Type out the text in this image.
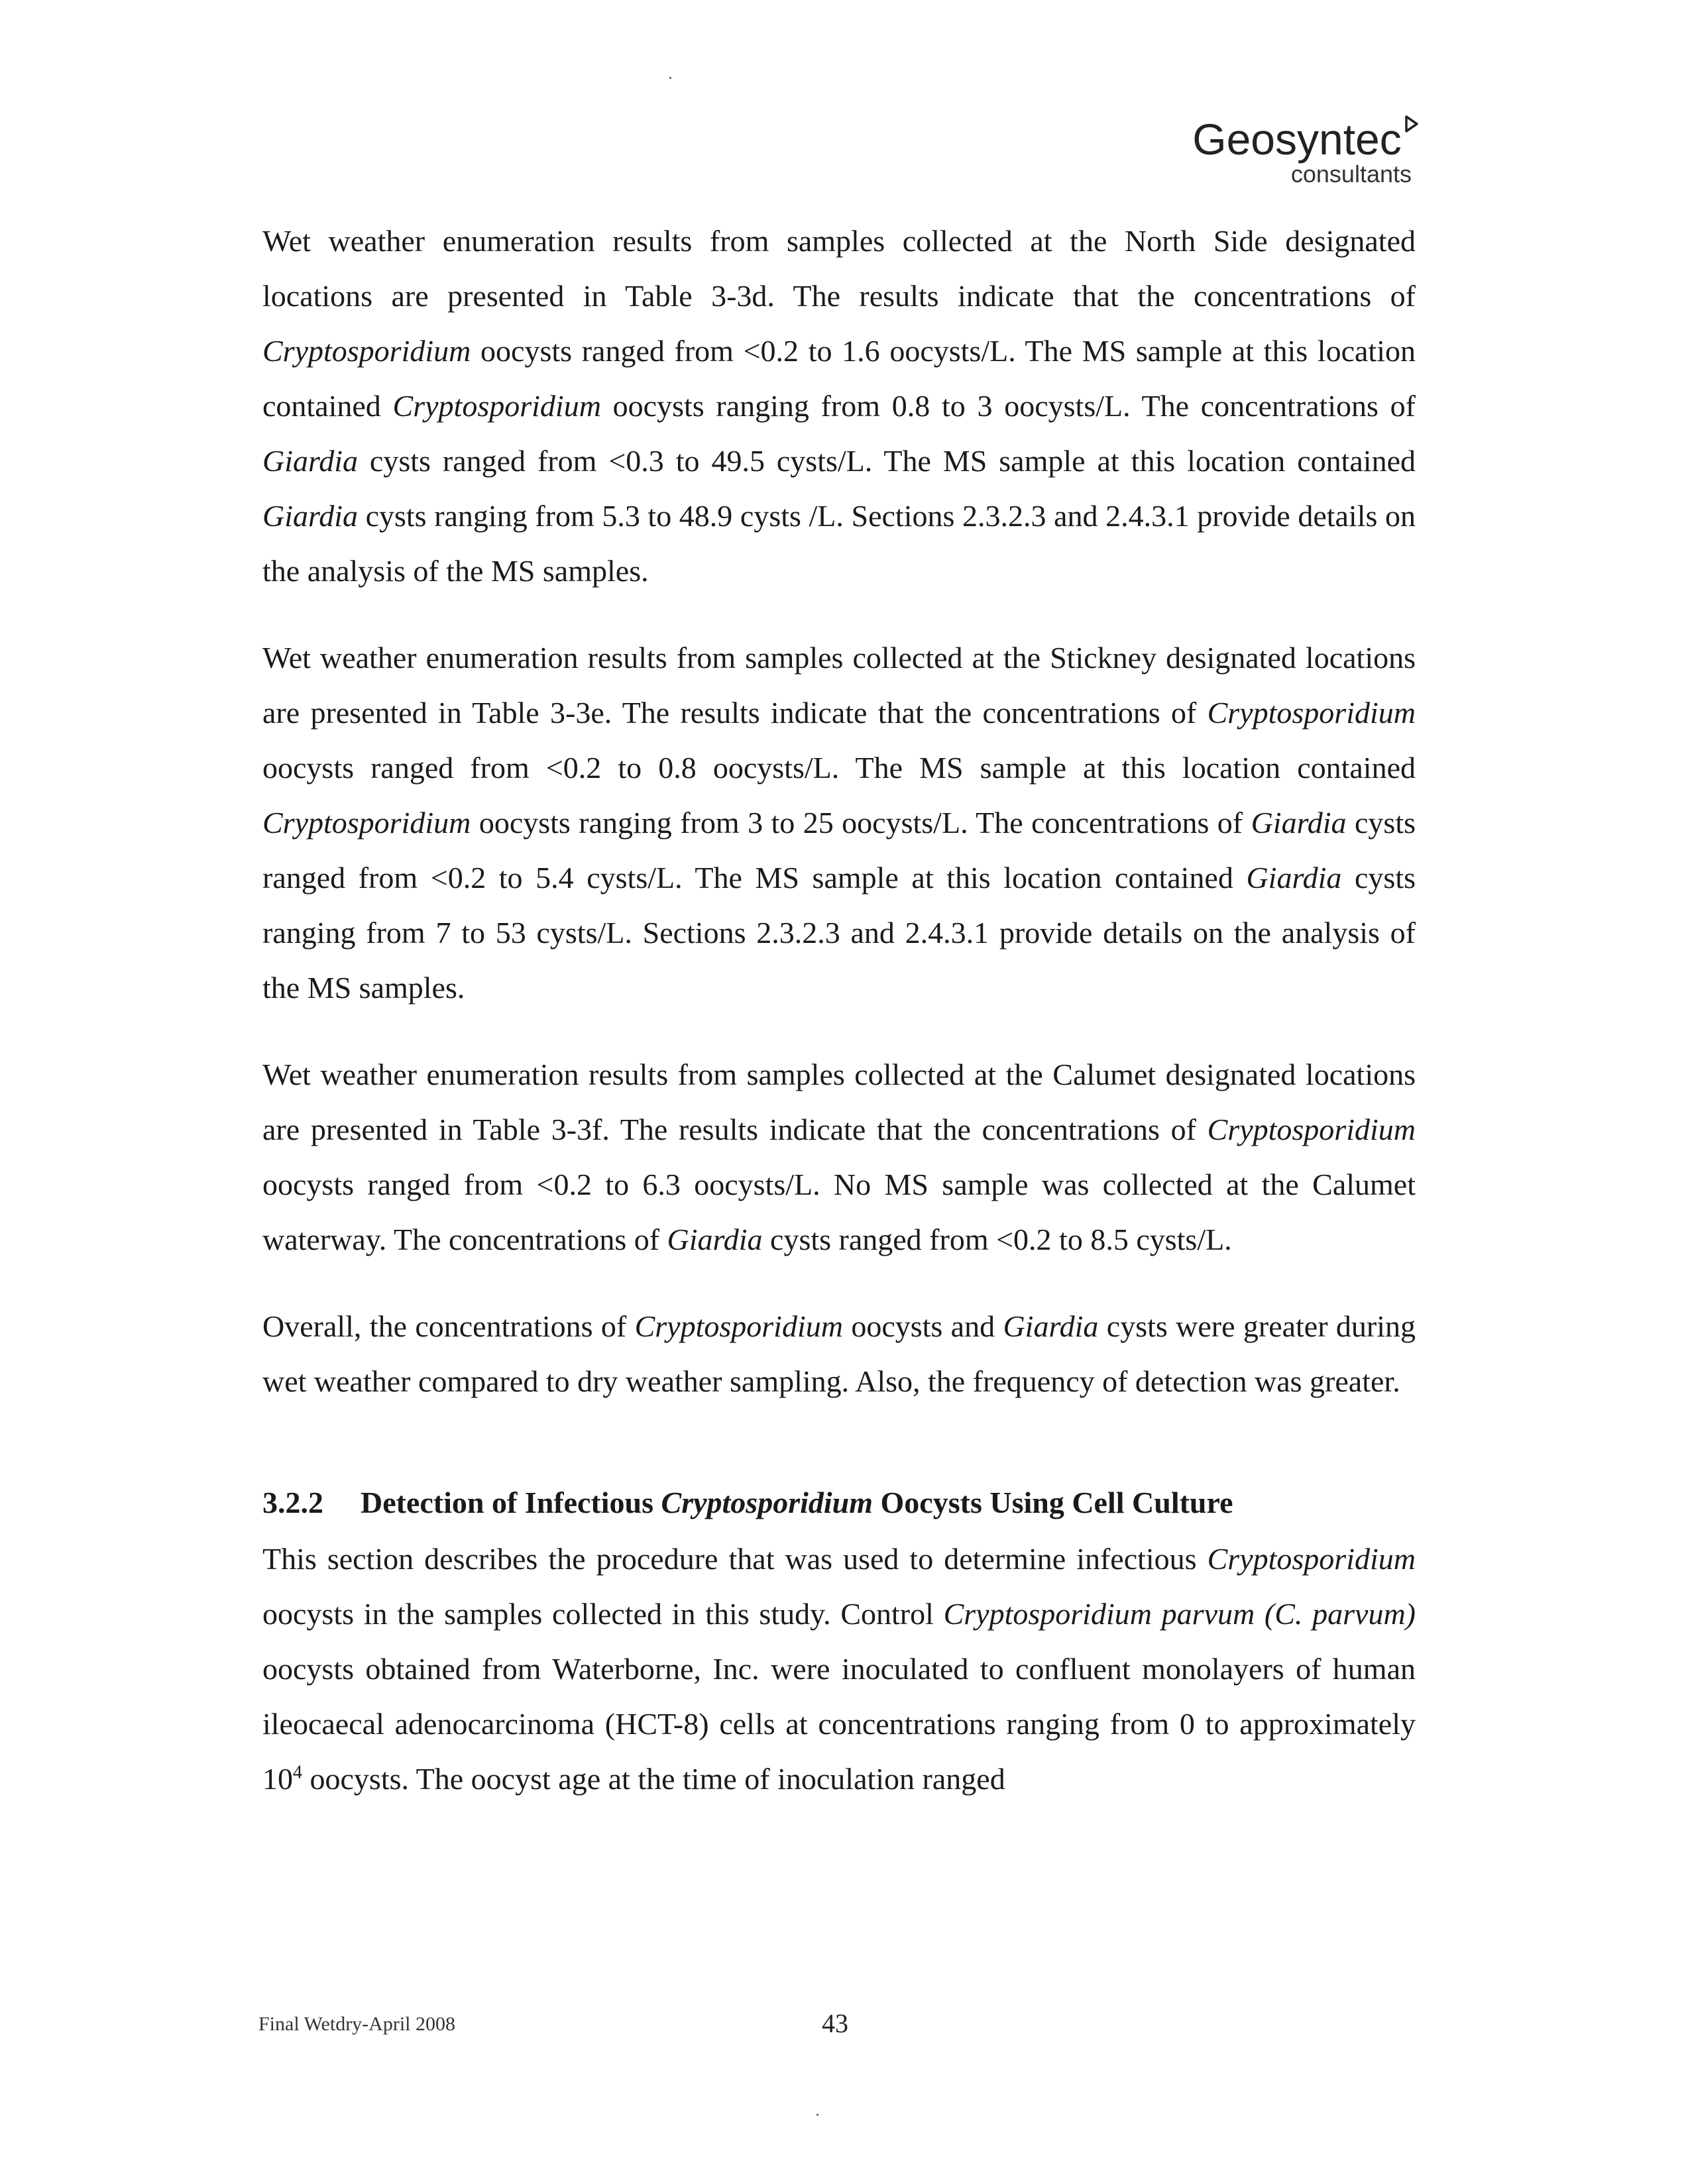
Geosyntec
consultants

Wet weather enumeration results from samples collected at the North Side designated locations are presented in Table 3-3d. The results indicate that the concentrations of Cryptosporidium oocysts ranged from <0.2 to 1.6 oocysts/L. The MS sample at this location contained Cryptosporidium oocysts ranging from 0.8 to 3 oocysts/L. The concentrations of Giardia cysts ranged from <0.3 to 49.5 cysts/L. The MS sample at this location contained Giardia cysts ranging from 5.3 to 48.9 cysts /L. Sections 2.3.2.3 and 2.4.3.1 provide details on the analysis of the MS samples.

Wet weather enumeration results from samples collected at the Stickney designated locations are presented in Table 3-3e. The results indicate that the concentrations of Cryptosporidium oocysts ranged from <0.2 to 0.8 oocysts/L. The MS sample at this location contained Cryptosporidium oocysts ranging from 3 to 25 oocysts/L. The concentrations of Giardia cysts ranged from <0.2 to 5.4 cysts/L. The MS sample at this location contained Giardia cysts ranging from 7 to 53 cysts/L. Sections 2.3.2.3 and 2.4.3.1 provide details on the analysis of the MS samples.

Wet weather enumeration results from samples collected at the Calumet designated locations are presented in Table 3-3f. The results indicate that the concentrations of Cryptosporidium oocysts ranged from <0.2 to 6.3 oocysts/L. No MS sample was collected at the Calumet waterway. The concentrations of Giardia cysts ranged from <0.2 to 8.5 cysts/L.

Overall, the concentrations of Cryptosporidium oocysts and Giardia cysts were greater during wet weather compared to dry weather sampling. Also, the frequency of detection was greater.

3.2.2 Detection of Infectious Cryptosporidium Oocysts Using Cell Culture

This section describes the procedure that was used to determine infectious Cryptosporidium oocysts in the samples collected in this study. Control Cryptosporidium parvum (C. parvum) oocysts obtained from Waterborne, Inc. were inoculated to confluent monolayers of human ileocaecal adenocarcinoma (HCT-8) cells at concentrations ranging from 0 to approximately $10^4$ oocysts. The oocyst age at the time of inoculation ranged

Final Wetdry-April 2008	43
